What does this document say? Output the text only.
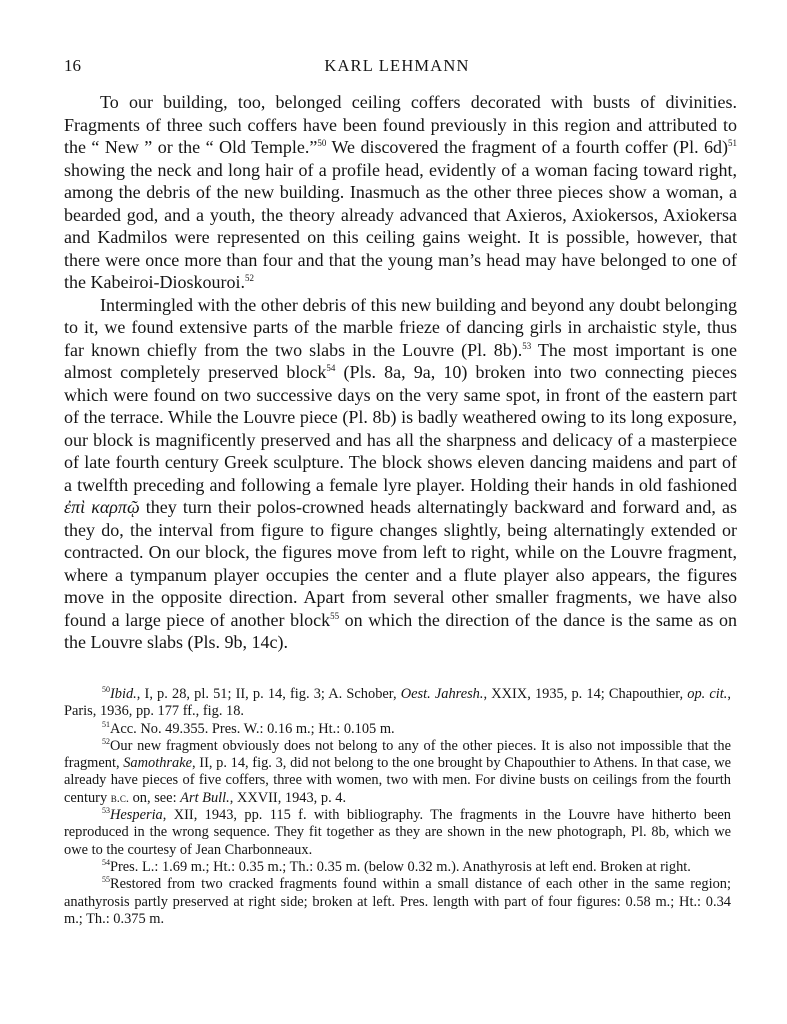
16	KARL LEHMANN

To our building, too, belonged ceiling coffers decorated with busts of divinities. Fragments of three such coffers have been found previously in this region and attributed to the “ New ” or the “ Old Temple.”$^{50}$ We discovered the fragment of a fourth coffer (Pl. 6d)$^{51}$ showing the neck and long hair of a profile head, evidently of a woman facing toward right, among the debris of the new building. Inasmuch as the other three pieces show a woman, a bearded god, and a youth, the theory already advanced that Axieros, Axiokersos, Axiokersa and Kadmilos were represented on this ceiling gains weight. It is possible, however, that there were once more than four and that the young man’s head may have belonged to one of the Kabeiroi-Dioskouroi.$^{52}$

Intermingled with the other debris of this new building and beyond any doubt belonging to it, we found extensive parts of the marble frieze of dancing girls in archaistic style, thus far known chiefly from the two slabs in the Louvre (Pl. 8b).$^{53}$ The most important is one almost completely preserved block$^{54}$ (Pls. 8a, 9a, 10) broken into two connecting pieces which were found on two successive days on the very same spot, in front of the eastern part of the terrace. While the Louvre piece (Pl. 8b) is badly weathered owing to its long exposure, our block is magnificently preserved and has all the sharpness and delicacy of a masterpiece of late fourth century Greek sculpture. The block shows eleven dancing maidens and part of a twelfth preceding and following a female lyre player. Holding their hands in old fashioned ἐπὶ καρπῷ they turn their polos-crowned heads alternatingly backward and forward and, as they do, the interval from figure to figure changes slightly, being alternatingly extended or contracted. On our block, the figures move from left to right, while on the Louvre fragment, where a tympanum player occupies the center and a flute player also appears, the figures move in the opposite direction. Apart from several other smaller fragments, we have also found a large piece of another block$^{55}$ on which the direction of the dance is the same as on the Louvre slabs (Pls. 9b, 14c).

$^{50}$Ibid., I, p. 28, pl. 51; II, p. 14, fig. 3; A. Schober, Oest. Jahresh., XXIX, 1935, p. 14; Chapouthier, op. cit., Paris, 1936, pp. 177 ff., fig. 18.

$^{51}$Acc. No. 49.355. Pres. W.: 0.16 m.; Ht.: 0.105 m.

$^{52}$Our new fragment obviously does not belong to any of the other pieces. It is also not impossible that the fragment, Samothrake, II, p. 14, fig. 3, did not belong to the one brought by Chapouthier to Athens. In that case, we already have pieces of five coffers, three with women, two with men. For divine busts on ceilings from the fourth century b.c. on, see: Art Bull., XXVII, 1943, p. 4.

$^{53}$Hesperia, XII, 1943, pp. 115 f. with bibliography. The fragments in the Louvre have hitherto been reproduced in the wrong sequence. They fit together as they are shown in the new photograph, Pl. 8b, which we owe to the courtesy of Jean Charbonneaux.

$^{54}$Pres. L.: 1.69 m.; Ht.: 0.35 m.; Th.: 0.35 m. (below 0.32 m.). Anathyrosis at left end. Broken at right.

$^{55}$Restored from two cracked fragments found within a small distance of each other in the same region; anathyrosis partly preserved at right side; broken at left. Pres. length with part of four figures: 0.58 m.; Ht.: 0.34 m.; Th.: 0.375 m.
